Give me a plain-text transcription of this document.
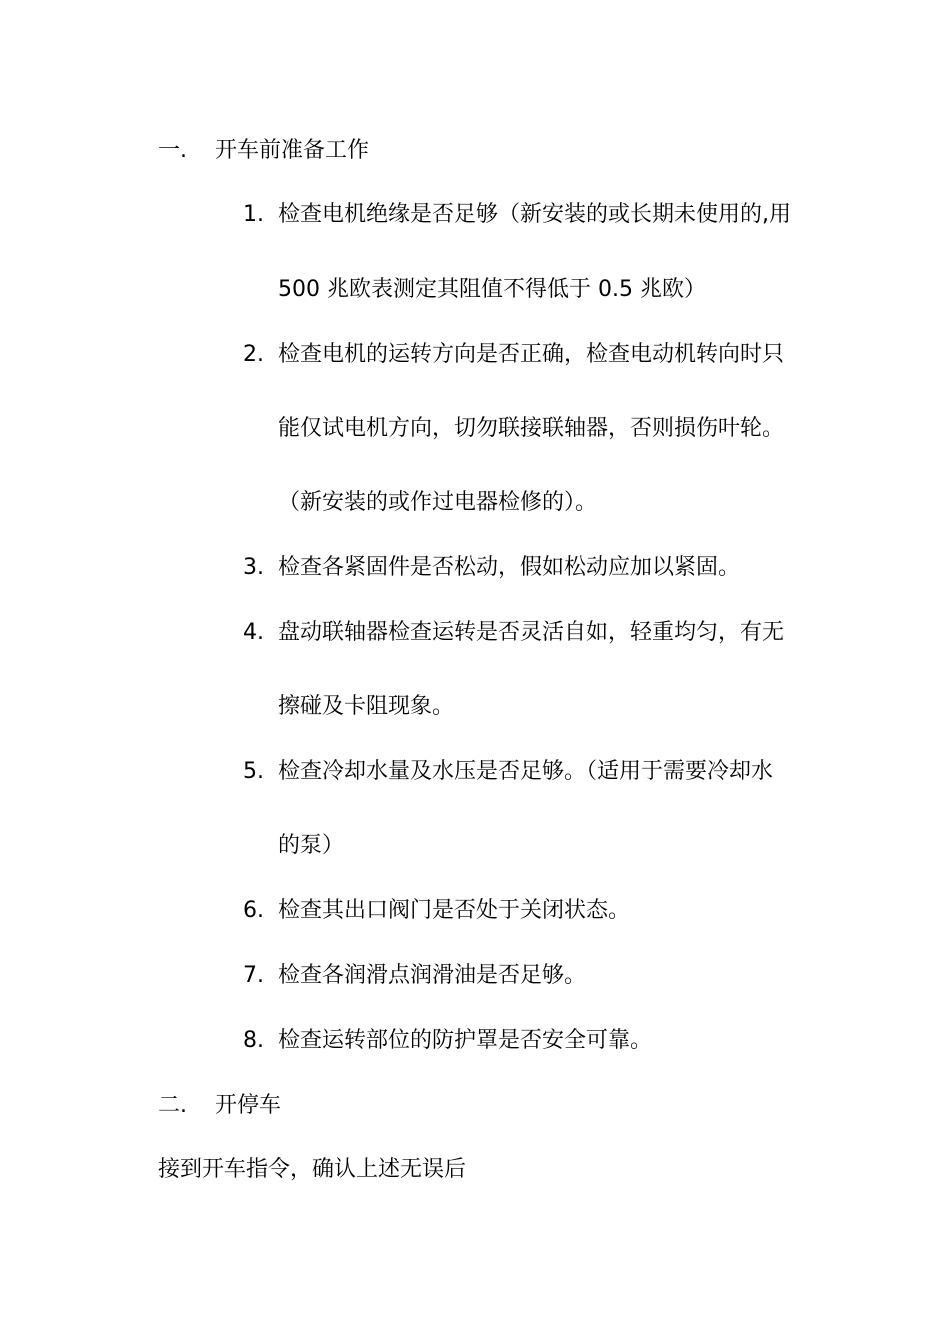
一. 开车前准备工作
1. 检查电机绝缘是否足够（新安装的或长期未使用的,用
500 兆欧表测定其阻值不得低于 0.5 兆欧）
2. 检查电机的运转方向是否正确，检查电动机转向时只
能仅试电机方向，切勿联接联轴器，否则损伤叶轮。
（新安装的或作过电器检修的）。
3. 检查各紧固件是否松动，假如松动应加以紧固。
4. 盘动联轴器检查运转是否灵活自如，轻重均匀，有无
擦碰及卡阻现象。
5. 检查冷却水量及水压是否足够。（适用于需要冷却水
的泵）
6. 检查其出口阀门是否处于关闭状态。
7. 检查各润滑点润滑油是否足够。
8. 检查运转部位的防护罩是否安全可靠。
二. 开停车
接到开车指令，确认上述无误后
